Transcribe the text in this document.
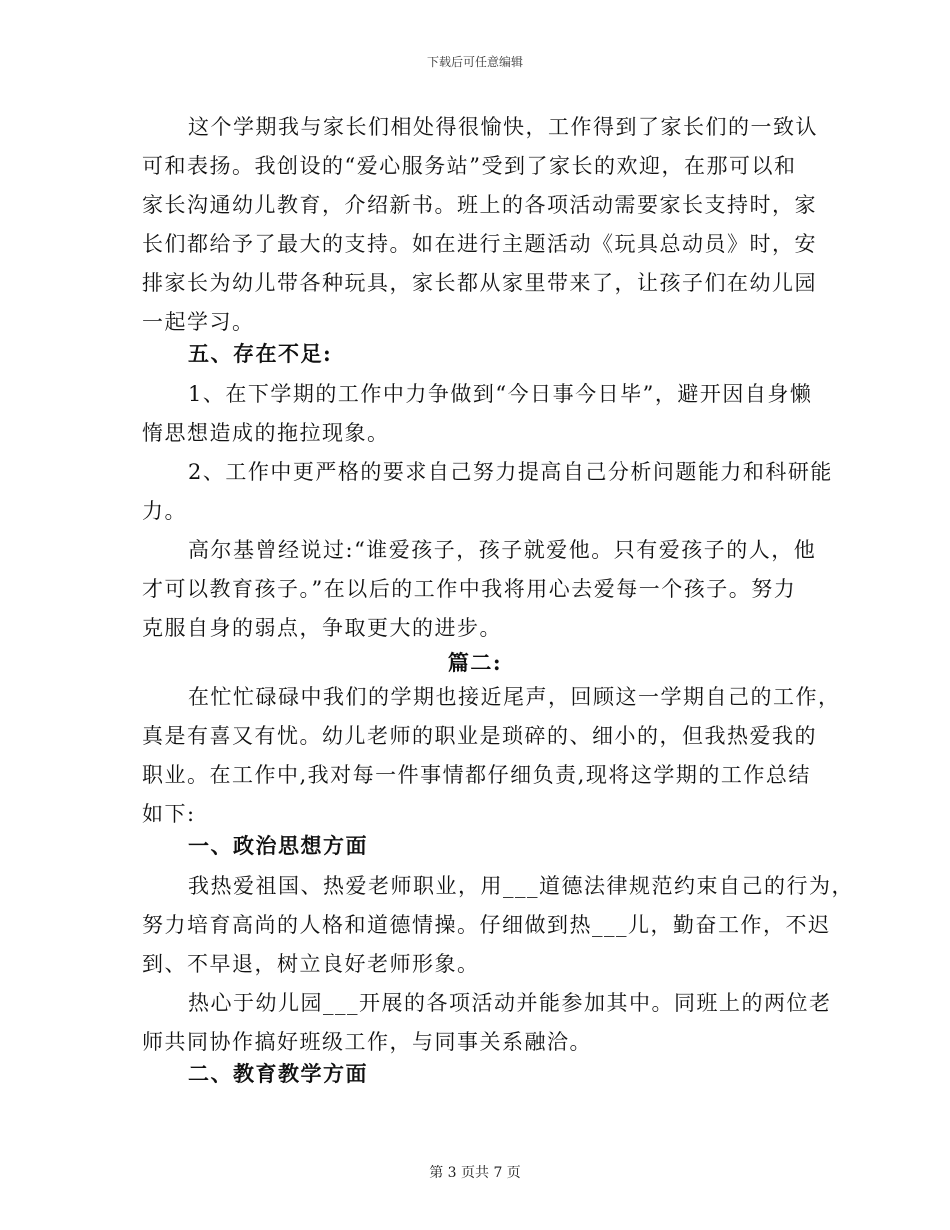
下载后可任意编辑
这个学期我与家长们相处得很愉快，工作得到了家长们的一致认
可和表扬。我创设的“爱心服务站”受到了家长的欢迎，在那可以和
家长沟通幼儿教育，介绍新书。班上的各项活动需要家长支持时，家
长们都给予了最大的支持。如在进行主题活动《玩具总动员》时，安
排家长为幼儿带各种玩具，家长都从家里带来了，让孩子们在幼儿园
一起学习。
五、存在不足:
1、在下学期的工作中力争做到“今日事今日毕”，避开因自身懒
惰思想造成的拖拉现象。
2、工作中更严格的要求自己努力提高自己分析问题能力和科研能
力。
高尔基曾经说过:“谁爱孩子，孩子就爱他。只有爱孩子的人，他
才可以教育孩子。”在以后的工作中我将用心去爱每一个孩子。努力
克服自身的弱点，争取更大的进步。
篇二:
在忙忙碌碌中我们的学期也接近尾声，回顾这一学期自己的工作，
真是有喜又有忧。幼儿老师的职业是琐碎的、细小的，但我热爱我的
职业。在工作中,我对每一件事情都仔细负责,现将这学期的工作总结
如下:
一、政治思想方面
我热爱祖国、热爱老师职业，用___道德法律规范约束自己的行为，
努力培育高尚的人格和道德情操。仔细做到热___儿，勤奋工作，不迟
到、不早退，树立良好老师形象。
热心于幼儿园___开展的各项活动并能参加其中。同班上的两位老
师共同协作搞好班级工作，与同事关系融洽。
二、教育教学方面
第 3 页共 7 页
